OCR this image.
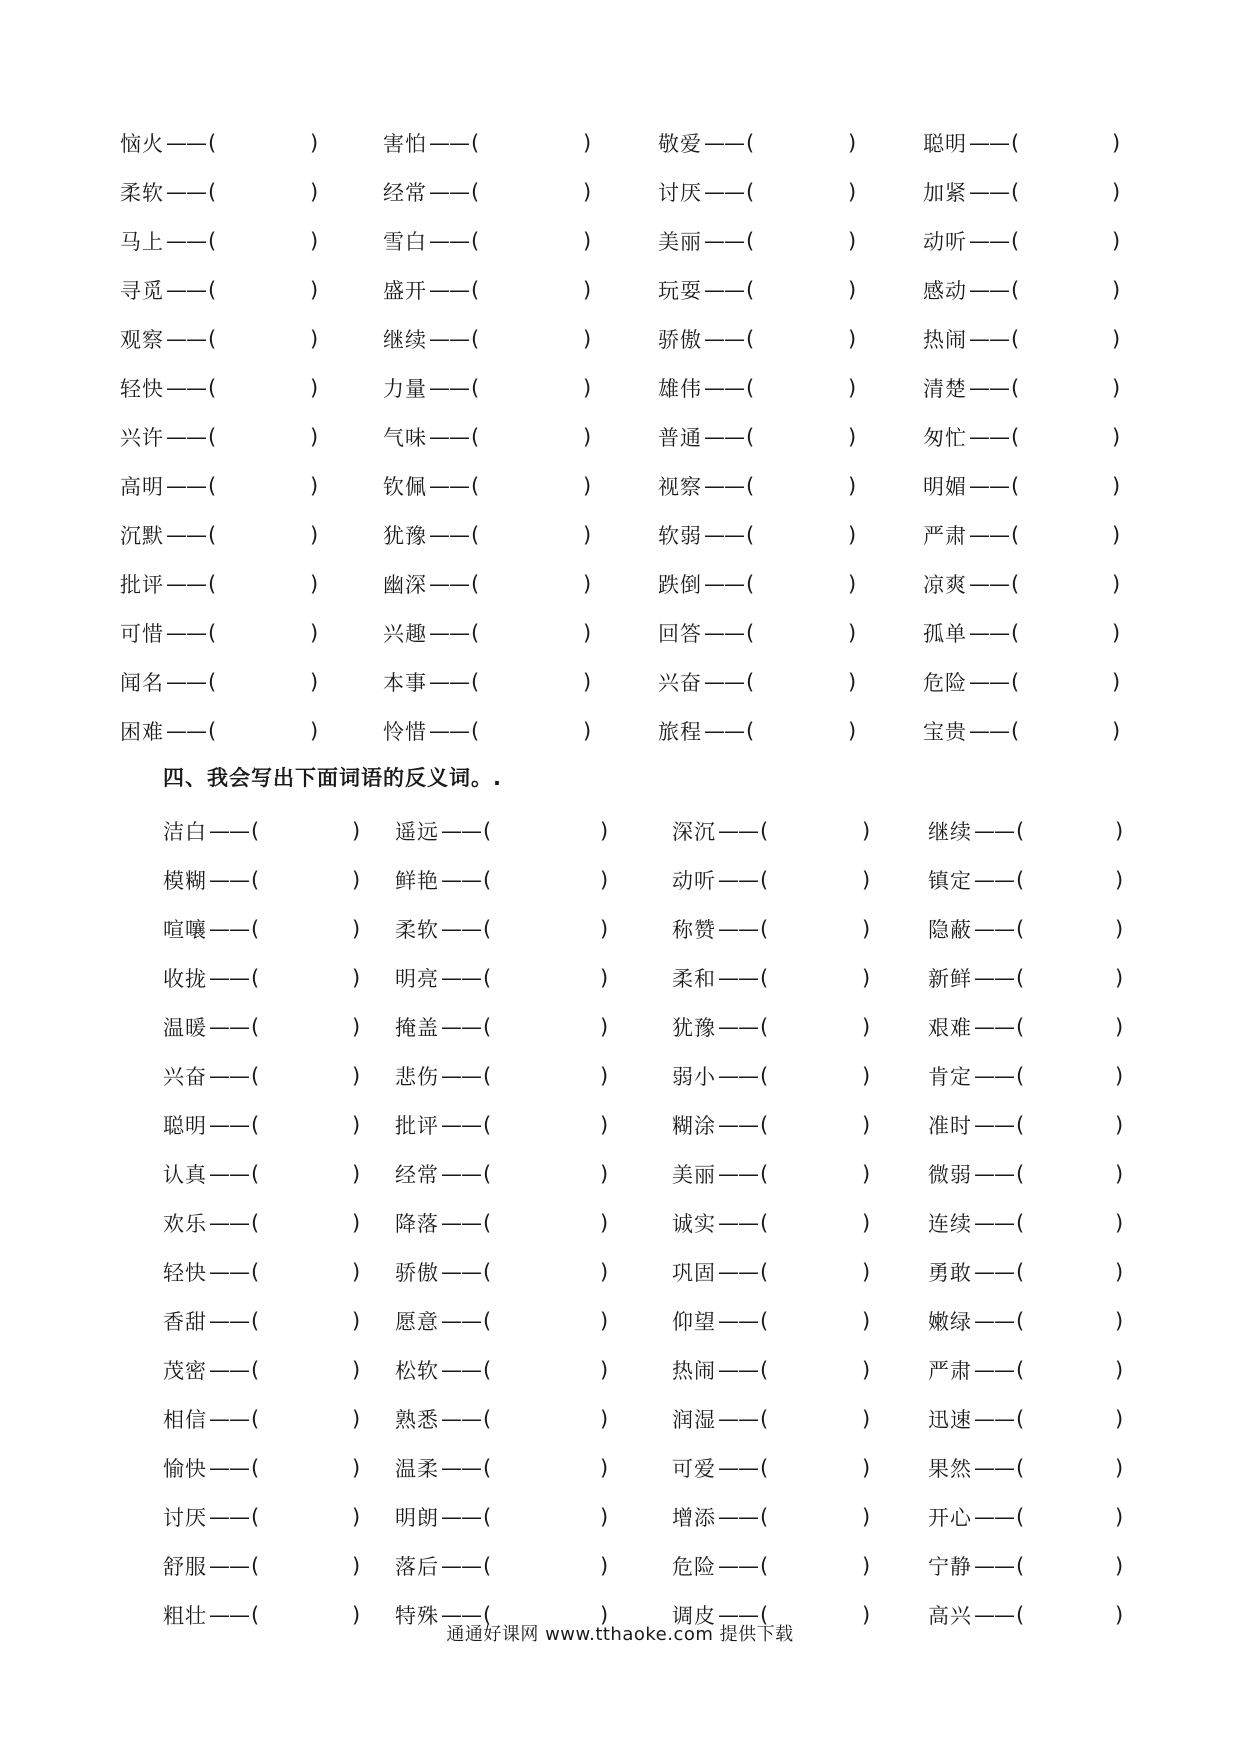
恼火 —— (	)	害怕 —— (	)	敬爱 —— (	)	聪明 —— (	)
柔软 —— (	)	经常 —— (	)	讨厌 —— (	)	加紧 —— (	)
马上 —— (	)	雪白 —— (	)	美丽 —— (	)	动听 —— (	)
寻觅 —— (	)	盛开 —— (	)	玩耍 —— (	)	感动 —— (	)
观察 —— (	)	继续 —— (	)	骄傲 —— (	)	热闹 —— (	)
轻快 —— (	)	力量 —— (	)	雄伟 —— (	)	清楚 —— (	)
兴许 —— (	)	气味 —— (	)	普通 —— (	)	匆忙 —— (	)
高明 —— (	)	钦佩 —— (	)	视察 —— (	)	明媚 —— (	)
沉默 —— (	)	犹豫 —— (	)	软弱 —— (	)	严肃 —— (	)
批评 —— (	)	幽深 —— (	)	跌倒 —— (	)	凉爽 —— (	)
可惜 —— (	)	兴趣 —— (	)	回答 —— (	)	孤单 —— (	)
闻名 —— (	)	本事 —— (	)	兴奋 —— (	)	危险 —— (	)
困难 —— (	)	怜惜 —— (	)	旅程 —— (	)	宝贵 —— (	)
四、我会写出下面词语的反义词。.
洁白 —— (	) 遥远 —— (	)	深沉 —— (	)	继续 —— (	)
模糊 —— (	) 鲜艳 —— (	)	动听 —— (	)	镇定 —— (	)
喧嚷 —— (	) 柔软 —— (	)	称赞 —— (	)	隐蔽 —— (	)
收拢 —— (	) 明亮 —— (	)	柔和 —— (	)	新鲜 —— (	)
温暖 —— (	) 掩盖 —— (	)	犹豫 —— (	)	艰难 —— (	)
兴奋 —— (	) 悲伤 —— (	)	弱小 —— (	)	肯定 —— (	)
聪明 —— (	) 批评 —— (	)	糊涂 —— (	)	准时 —— (	)
认真 —— (	) 经常 —— (	)	美丽 —— (	)	微弱 —— (	)
欢乐 —— (	) 降落 —— (	)	诚实 —— (	)	连续 —— (	)
轻快 —— (	) 骄傲 —— (	)	巩固 —— (	)	勇敢 —— (	)
香甜 —— (	) 愿意 —— (	)	仰望 —— (	)	嫩绿 —— (	)
茂密 —— (	) 松软 —— (	)	热闹 —— (	)	严肃 —— (	)
相信 —— (	) 熟悉 —— (	)	润湿 —— (	)	迅速 —— (	)
愉快 —— (	) 温柔 —— (	)	可爱 —— (	)	果然 —— (	)
讨厌 —— (	) 明朗 —— (	)	增添 —— (	)	开心 —— (	)
舒服 —— (	) 落后 —— (	)	危险 —— (	)	宁静 —— (	)
粗壮 —— (	) 特殊 —— (	)	调皮 —— (	)	高兴 —— (	)
通通好课网 www.tthaoke.com 提供下载
